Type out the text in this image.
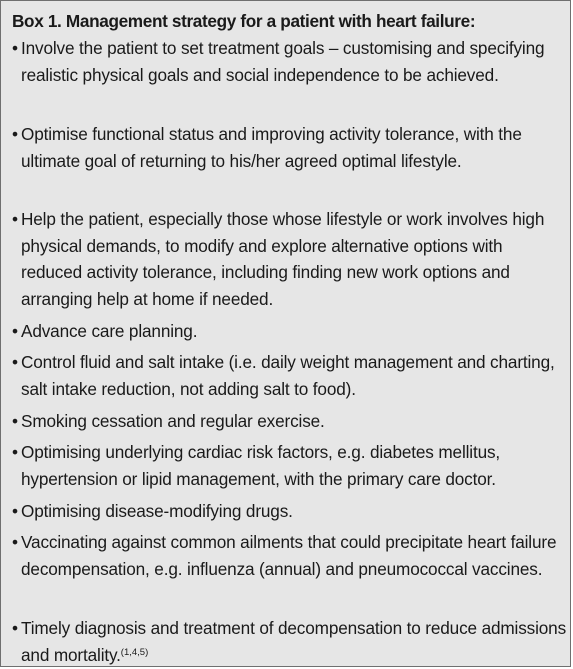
Box 1. Management strategy for a patient with heart failure:
• Involve the patient to set treatment goals – customising and specifying realistic physical goals and social independence to be achieved.
• Optimise functional status and improving activity tolerance, with the ultimate goal of returning to his/her agreed optimal lifestyle.
• Help the patient, especially those whose lifestyle or work involves high physical demands, to modify and explore alternative options with reduced activity tolerance, including finding new work options and arranging help at home if needed.
• Advance care planning.
• Control fluid and salt intake (i.e. daily weight management and charting, salt intake reduction, not adding salt to food).
• Smoking cessation and regular exercise.
• Optimising underlying cardiac risk factors, e.g. diabetes mellitus, hypertension or lipid management, with the primary care doctor.
• Optimising disease-modifying drugs.
• Vaccinating against common ailments that could precipitate heart failure decompensation, e.g. influenza (annual) and pneumococcal vaccines.
• Timely diagnosis and treatment of decompensation to reduce admissions and mortality.$^{(1,4,5)}$
